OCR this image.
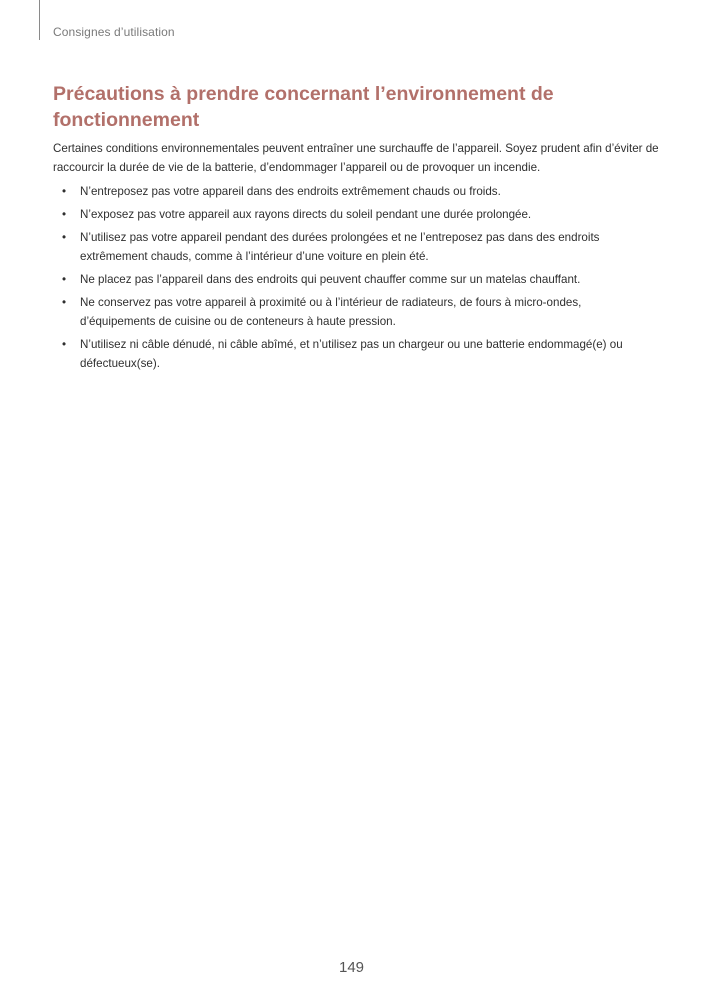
Consignes d’utilisation
Précautions à prendre concernant l’environnement de fonctionnement

Certaines conditions environnementales peuvent entraîner une surchauffe de l’appareil. Soyez prudent afin d’éviter de raccourcir la durée de vie de la batterie, d’endommager l’appareil ou de provoquer un incendie.

• N’entreposez pas votre appareil dans des endroits extrêmement chauds ou froids.
• N’exposez pas votre appareil aux rayons directs du soleil pendant une durée prolongée.
• N’utilisez pas votre appareil pendant des durées prolongées et ne l’entreposez pas dans des endroits extrêmement chauds, comme à l’intérieur d’une voiture en plein été.
• Ne placez pas l’appareil dans des endroits qui peuvent chauffer comme sur un matelas chauffant.
• Ne conservez pas votre appareil à proximité ou à l’intérieur de radiateurs, de fours à micro-ondes, d’équipements de cuisine ou de conteneurs à haute pression.
• N’utilisez ni câble dénudé, ni câble abîmé, et n’utilisez pas un chargeur ou une batterie endommagé(e) ou défectueux(se).
149
